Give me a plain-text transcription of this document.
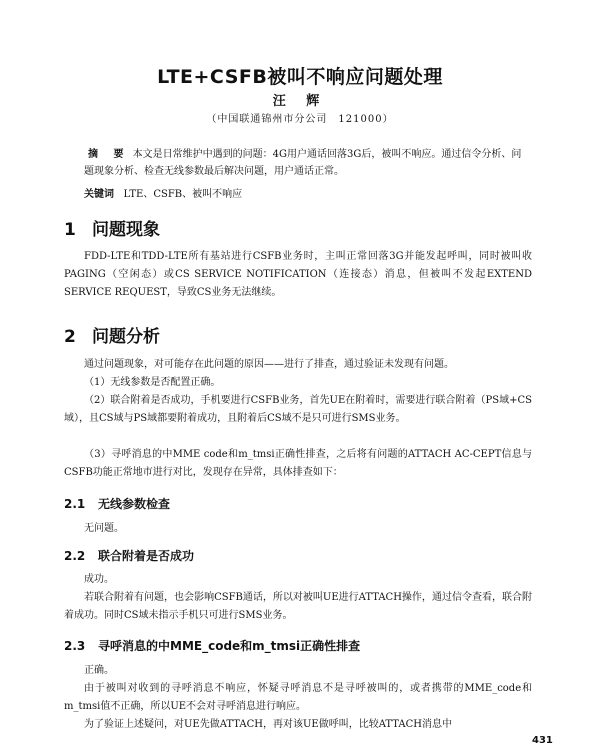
LTE+CSFB被叫不响应问题处理
汪 辉
（中国联通锦州市分公司　121000）
摘 要 本文是日常维护中遇到的问题：4G用户通话回落3G后，被叫不响应。通过信令分析、问题现象分析、检查无线参数最后解决问题，用户通话正常。
关键词 LTE、CSFB、被叫不响应
1 问题现象

FDD-LTE和TDD-LTE所有基站进行CSFB业务时，主叫正常回落3G并能发起呼叫，同时被叫收PAGING（空闲态）或CS SERVICE NOTIFICATION（连接态）消息，但被叫不发起EXTEND SERVICE REQUEST，导致CS业务无法继续。

2 问题分析

通过问题现象，对可能存在此问题的原因——进行了排查，通过验证未发现有问题。

（1）无线参数是否配置正确。

（2）联合附着是否成功，手机要进行CSFB业务，首先UE在附着时，需要进行联合附着（PS域+CS域），且CS域与PS域都要附着成功，且附着后CS域不是只可进行SMS业务。

（3）寻呼消息的中MME code和m_tmsi正确性排查，之后将有问题的ATTACH AC-CEPT信息与CSFB功能正常地市进行对比，发现存在异常，具体排查如下：

2.1 无线参数检查

无问题。

2.2 联合附着是否成功

成功。

若联合附着有问题，也会影响CSFB通话，所以对被叫UE进行ATTACH操作，通过信令查看，联合附着成功。同时CS域未指示手机只可进行SMS业务。

2.3 寻呼消息的中MME_code和m_tmsi正确性排查

正确。

由于被叫对收到的寻呼消息不响应，怀疑寻呼消息不是寻呼被叫的，或者携带的MME_code和m_tmsi值不正确，所以UE不会对寻呼消息进行响应。

为了验证上述疑问，对UE先做ATTACH，再对该UE做呼叫，比较ATTACH消息中

431
